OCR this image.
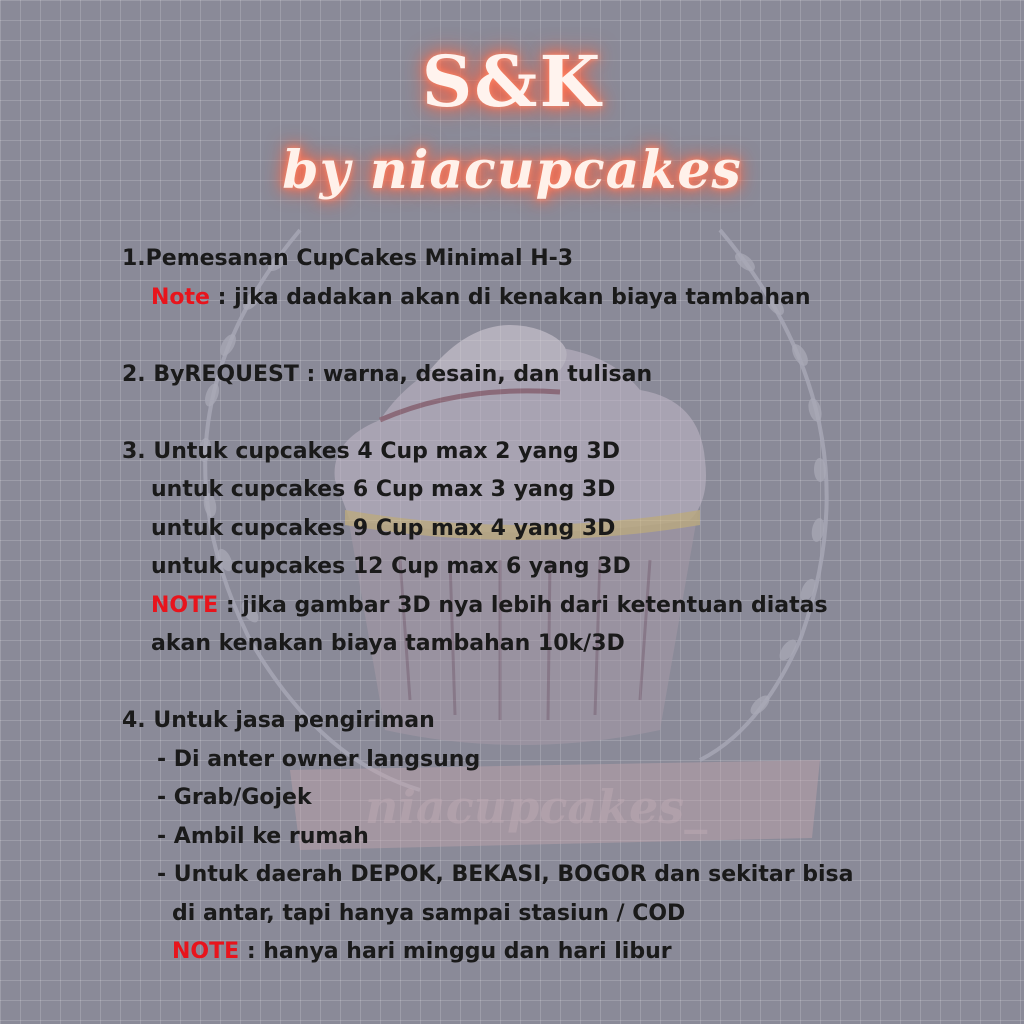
S&K
by niacupcakes
niacupcakes_
1.Pemesanan CupCakes Minimal H-3
Note : jika dadakan akan di kenakan biaya tambahan
2. ByREQUEST : warna, desain, dan tulisan
3. Untuk cupcakes 4 Cup max 2 yang 3D
untuk cupcakes 6 Cup max 3 yang 3D
untuk cupcakes 9 Cup max 4 yang 3D
untuk cupcakes 12 Cup max 6 yang 3D
NOTE : jika gambar 3D nya lebih dari ketentuan diatas
akan kenakan biaya tambahan 10k/3D
4. Untuk jasa pengiriman
- Di anter owner langsung
- Grab/Gojek
- Ambil ke rumah
- Untuk daerah DEPOK, BEKASI, BOGOR dan sekitar bisa
di antar, tapi hanya sampai stasiun / COD
NOTE : hanya hari minggu dan hari libur
